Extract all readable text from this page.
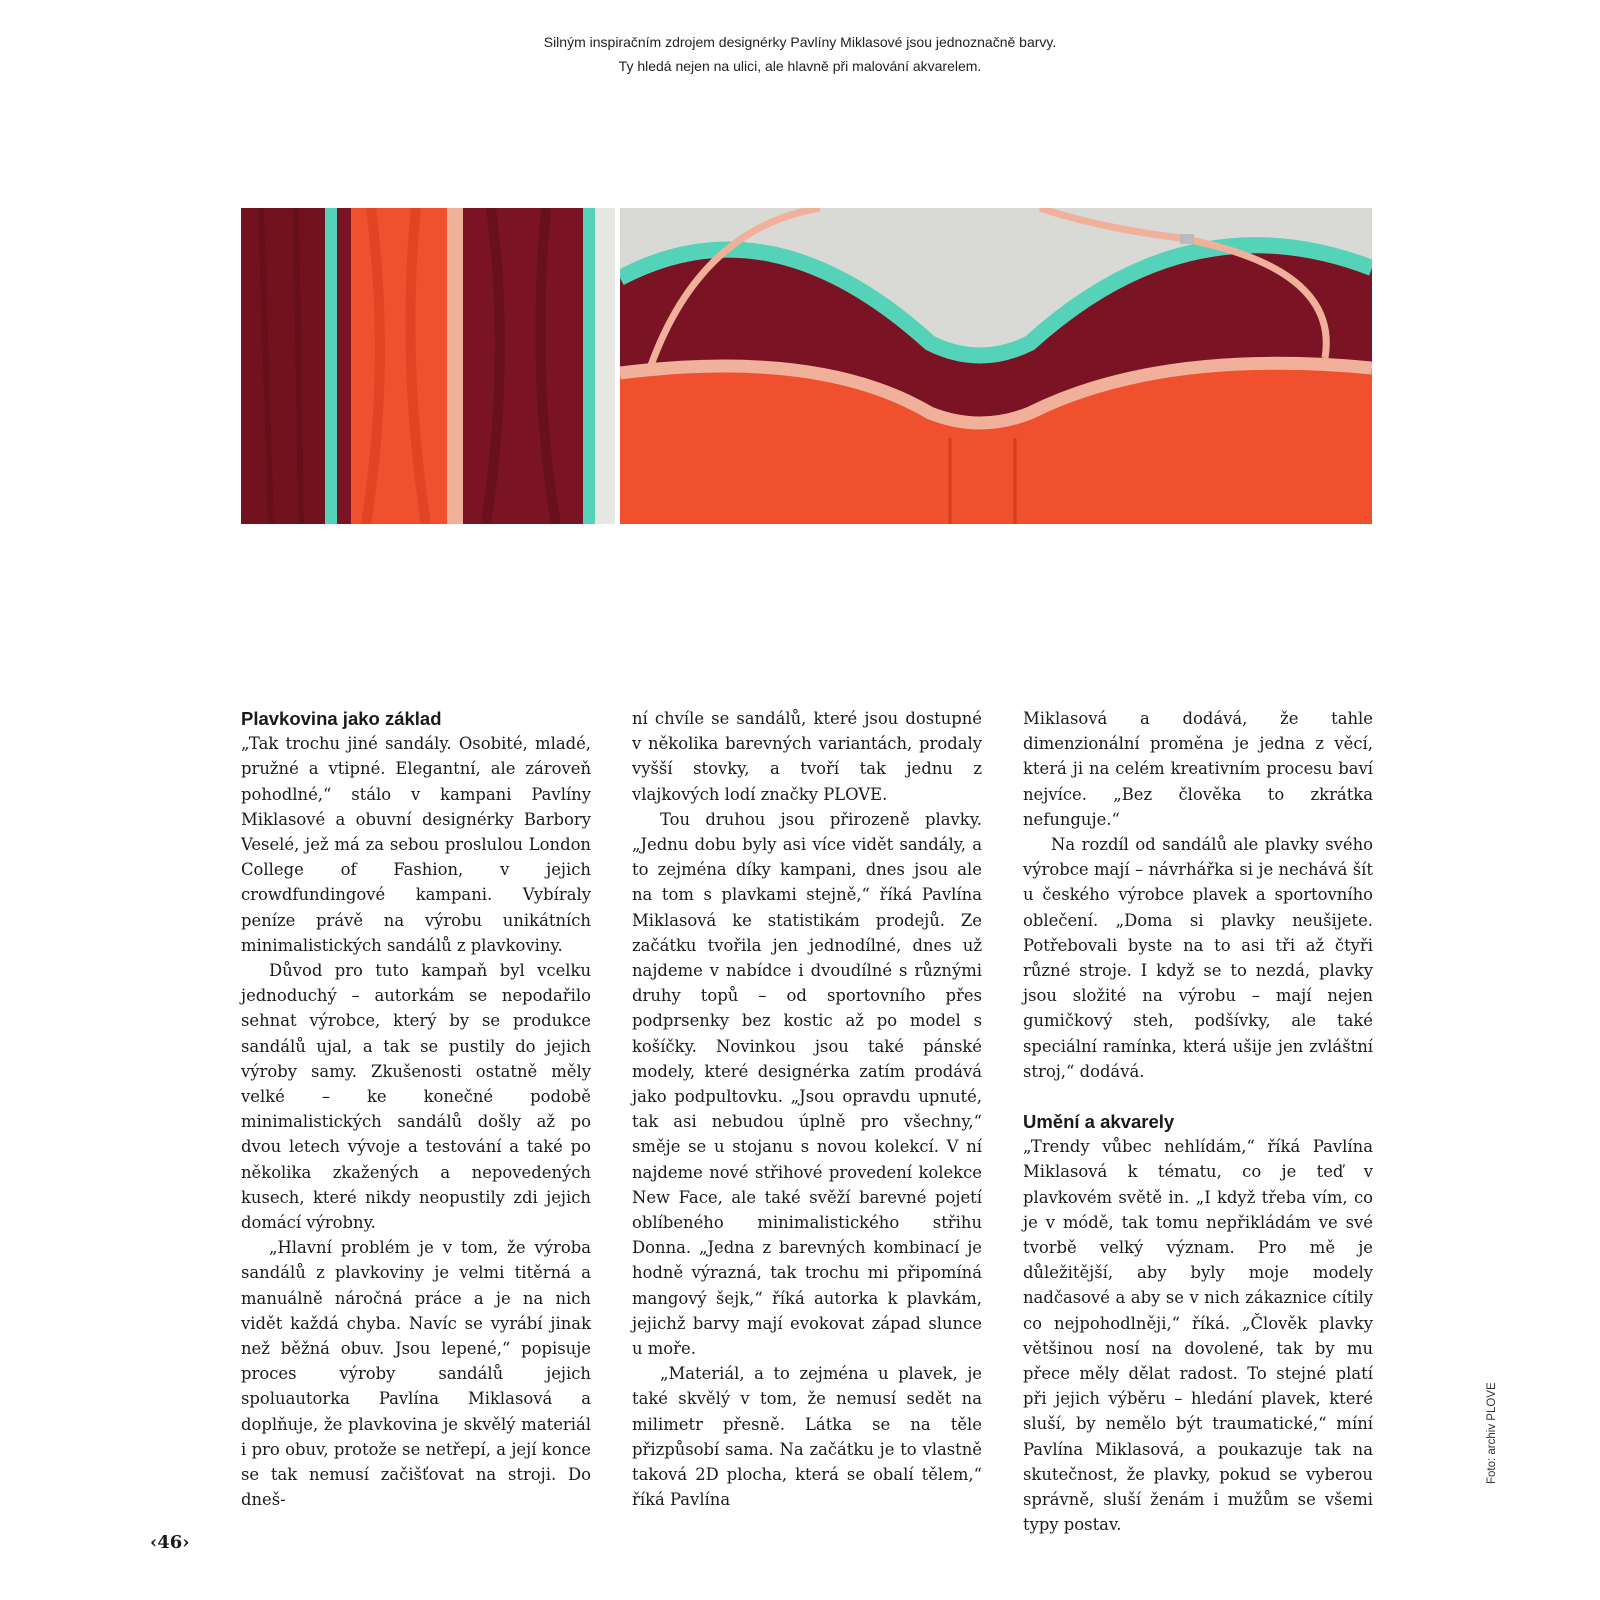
Silným inspiračním zdrojem designérky Pavlíny Miklasové jsou jednoznačně barvy.
Ty hledá nejen na ulici, ale hlavně při malování akvarelem.
Plavkovina jako základ

„Tak trochu jiné sandály. Osobité, mladé, pružné a vtipné. Elegantní, ale zároveň pohodlné,“ stálo v kampani Pavlíny Miklasové a obuvní designérky Barbory Veselé, jež má za sebou proslulou London College of Fashion, v jejich crowdfundingové kampani. Vybíraly peníze právě na výrobu unikátních minimalistických sandálů z plavkoviny.

Důvod pro tuto kampaň byl vcelku jednoduchý – autorkám se nepodařilo sehnat výrobce, který by se produkce sandálů ujal, a tak se pustily do jejich výroby samy. Zkušenosti ostatně měly velké – ke konečné podobě minimalistických sandálů došly až po dvou letech vývoje a testování a také po několika zkažených a nepovedených kusech, které nikdy neopustily zdi jejich domácí výrobny.

„Hlavní problém je v tom, že výroba sandálů z plavkoviny je velmi titěrná a manuálně náročná práce a je na nich vidět každá chyba. Navíc se vyrábí jinak než běžná obuv. Jsou lepené,“ popisuje proces výroby sandálů jejich spoluautorka Pavlína Miklasová a doplňuje, že plavkovina je skvělý materiál i pro obuv, protože se netřepí, a její konce se tak nemusí začišťovat na stroji. Do dneš-

ní chvíle se sandálů, které jsou dostupné v několika barevných variantách, prodaly vyšší stovky, a tvoří tak jednu z vlajkových lodí značky PLOVE.

Tou druhou jsou přirozeně plavky. „Jednu dobu byly asi více vidět sandály, a to zejména díky kampani, dnes jsou ale na tom s plavkami stejně,“ říká Pavlína Miklasová ke statistikám prodejů. Ze začátku tvořila jen jednodílné, dnes už najdeme v nabídce i dvoudílné s různými druhy topů – od sportovního přes podprsenky bez kostic až po model s košíčky. Novinkou jsou také pánské modely, které designérka zatím prodává jako podpultovku. „Jsou opravdu upnuté, tak asi nebudou úplně pro všechny,“ směje se u stojanu s novou kolekcí. V ní najdeme nové střihové provedení kolekce New Face, ale také svěží barevné pojetí oblíbeného minimalistického střihu Donna. „Jedna z barevných kombinací je hodně výrazná, tak trochu mi připomíná mangový šejk,“ říká autorka k plavkám, jejichž barvy mají evokovat západ slunce u moře.

„Materiál, a to zejména u plavek, je také skvělý v tom, že nemusí sedět na milimetr přesně. Látka se na těle přizpůsobí sama. Na začátku je to vlastně taková 2D plocha, která se obalí tělem,“ říká Pavlína

Miklasová a dodává, že tahle dimenzionální proměna je jedna z věcí, která ji na celém kreativním procesu baví nejvíce. „Bez člověka to zkrátka nefunguje.“

Na rozdíl od sandálů ale plavky svého výrobce mají – návrhářka si je nechává šít u českého výrobce plavek a sportovního oblečení. „Doma si plavky neušijete. Potřebovali byste na to asi tři až čtyři různé stroje. I když se to nezdá, plavky jsou složité na výrobu – mají nejen gumičkový steh, podšívky, ale také speciální ramínka, která ušije jen zvláštní stroj,“ dodává.

Umění a akvarely

„Trendy vůbec nehlídám,“ říká Pavlína Miklasová k tématu, co je teď v plavkovém světě in. „I když třeba vím, co je v módě, tak tomu nepřikládám ve své tvorbě velký význam. Pro mě je důležitější, aby byly moje modely nadčasové a aby se v nich zákaznice cítily co nejpohodlněji,“ říká. „Člověk plavky většinou nosí na dovolené, tak by mu přece měly dělat radost. To stejné platí při jejich výběru – hledání plavek, které sluší, by nemělo být traumatické,“ míní Pavlína Miklasová, a poukazuje tak na skutečnost, že plavky, pokud se vyberou správně, sluší ženám i mužům se všemi typy postav.

‹46›
Foto: archiv PLOVE
